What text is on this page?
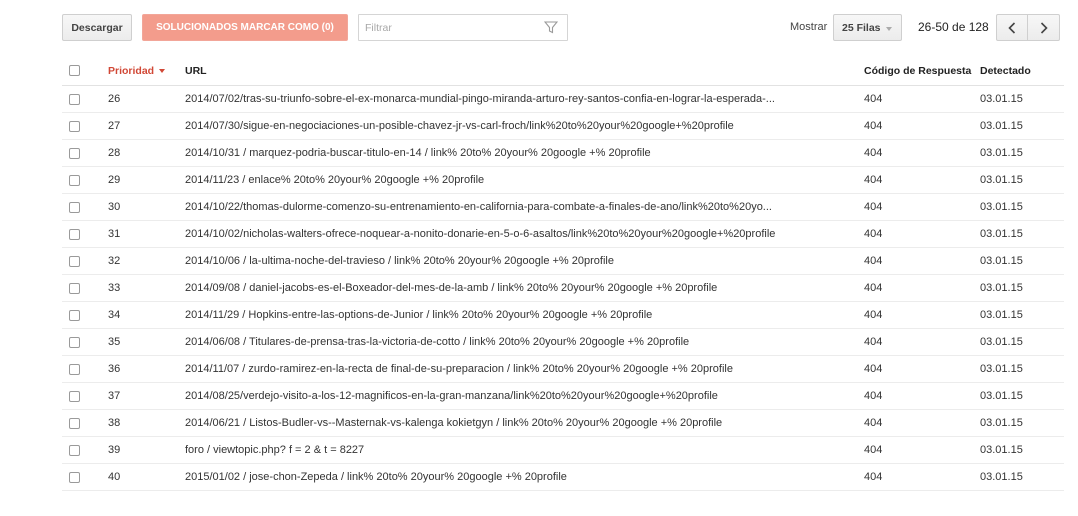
Descargar	SOLUCIONADOS MARCAR COMO (0)
Filtrar	Mostrar 25 Filas	26-50 de 128
	Prioridad	URL	Código de Respuesta	Detectado
	26	2014/07/02/tras-su-triunfo-sobre-el-ex-monarca-mundial-pingo-miranda-arturo-rey-santos-confia-en-lograr-la-esperada-...	404	03.01.15
	27	2014/07/30/sigue-en-negociaciones-un-posible-chavez-jr-vs-carl-froch/link%20to%20your%20google+%20profile	404	03.01.15
	28	2014/10/31 / marquez-podria-buscar-titulo-en-14 / link% 20to% 20your% 20google +% 20profile	404	03.01.15
	29	2014/11/23 / enlace% 20to% 20your% 20google +% 20profile	404	03.01.15
	30	2014/10/22/thomas-dulorme-comenzo-su-entrenamiento-en-california-para-combate-a-finales-de-ano/link%20to%20yo...	404	03.01.15
	31	2014/10/02/nicholas-walters-ofrece-noquear-a-nonito-donarie-en-5-o-6-asaltos/link%20to%20your%20google+%20profile	404	03.01.15
	32	2014/10/06 / la-ultima-noche-del-travieso / link% 20to% 20your% 20google +% 20profile	404	03.01.15
	33	2014/09/08 / daniel-jacobs-es-el-Boxeador-del-mes-de-la-amb / link% 20to% 20your% 20google +% 20profile	404	03.01.15
	34	2014/11/29 / Hopkins-entre-las-options-de-Junior / link% 20to% 20your% 20google +% 20profile	404	03.01.15
	35	2014/06/08 / Titulares-de-prensa-tras-la-victoria-de-cotto / link% 20to% 20your% 20google +% 20profile	404	03.01.15
	36	2014/11/07 / zurdo-ramirez-en-la-recta de final-de-su-preparacion / link% 20to% 20your% 20google +% 20profile	404	03.01.15
	37	2014/08/25/verdejo-visito-a-los-12-magnificos-en-la-gran-manzana/link%20to%20your%20google+%20profile	404	03.01.15
	38	2014/06/21 / Listos-Budler-vs--Masternak-vs-kalenga kokietgyn / link% 20to% 20your% 20google +% 20profile	404	03.01.15
	39	foro / viewtopic.php? f = 2 & t = 8227	404	03.01.15
	40	2015/01/02 / jose-chon-Zepeda / link% 20to% 20your% 20google +% 20profile	404	03.01.15
